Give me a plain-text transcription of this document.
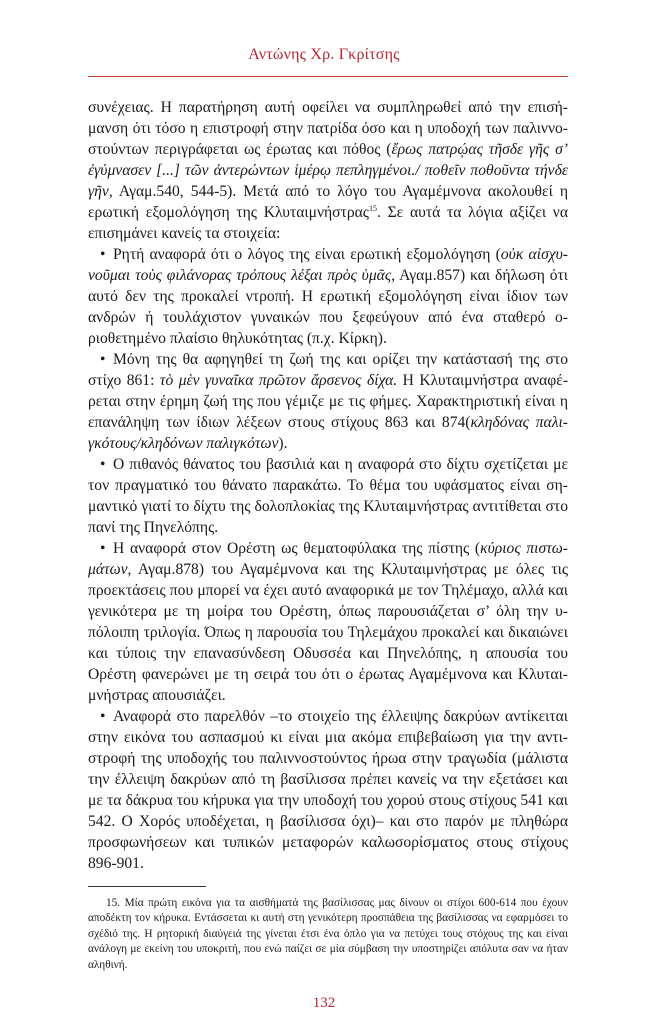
Αντώνης Χρ. Γκρίτσης

συνέχειας. Η παρατήρηση αυτή οφείλει να συμπληρωθεί από την επισήμανση ότι τόσο η επιστροφή στην πατρίδα όσο και η υποδοχή των παλιννοστούντων περιγράφεται ως έρωτας και πόθος (ἔρως πατρῴας τῆσδε γῆς σ’ ἐγύμνασεν [...] τῶν ἀντερώντων ἱμέρῳ πεπληγμένοι./ ποθεῖν ποθοῦντα τήνδε γῆν, Αγαμ.540, 544-5). Μετά από το λόγο του Αγαμέμνονα ακολουθεί η ερωτική εξομολόγηση της Κλυταιμνήστρας$^{15}$. Σε αυτά τα λόγια αξίζει να επισημάνει κανείς τα στοιχεία:

• Ρητή αναφορά ότι ο λόγος της είναι ερωτική εξομολόγηση (οὐκ αἰσχυνοῦμαι τοὺς φιλάνορας τρόπους λέξαι πρὸς ὑμᾶς, Αγαμ.857) και δήλωση ότι αυτό δεν της προκαλεί ντροπή. Η ερωτική εξομολόγηση είναι ίδιον των ανδρών ή τουλάχιστον γυναικών που ξεφεύγουν από ένα σταθερό οριοθετημένο πλαίσιο θηλυκότητας (π.χ. Κίρκη).

• Μόνη της θα αφηγηθεί τη ζωή της και ορίζει την κατάστασή της στο στίχο 861: τὸ μὲν γυναῖκα πρῶτον ἄρσενος δίχα. Η Κλυταιμνήστρα αναφέρεται στην έρημη ζωή της που γέμιζε με τις φήμες. Χαρακτηριστική είναι η επανάληψη των ίδιων λέξεων στους στίχους 863 και 874(κληδόνας παλιγκότους/κληδόνων παλιγκότων).

• Ο πιθανός θάνατος του βασιλιά και η αναφορά στο δίχτυ σχετίζεται με τον πραγματικό του θάνατο παρακάτω. Το θέμα του υφάσματος είναι σημαντικό γιατί το δίχτυ της δολοπλοκίας της Κλυταιμνήστρας αντιτίθεται στο πανί της Πηνελόπης.

• Η αναφορά στον Ορέστη ως θεματοφύλακα της πίστης (κύριος πιστωμάτων, Αγαμ.878) του Αγαμέμνονα και της Κλυταιμνήστρας με όλες τις προεκτάσεις που μπορεί να έχει αυτό αναφορικά με τον Τηλέμαχο, αλλά και γενικότερα με τη μοίρα του Ορέστη, όπως παρουσιάζεται σ’ όλη την υπόλοιπη τριλογία. Όπως η παρουσία του Τηλεμάχου προκαλεί και δικαιώνει και τύποις την επανασύνδεση Οδυσσέα και Πηνελόπης, η απουσία του Ορέστη φανερώνει με τη σειρά του ότι ο έρωτας Αγαμέμνονα και Κλυταιμνήστρας απουσιάζει.

• Αναφορά στο παρελθόν –το στοιχείο της έλλειψης δακρύων αντίκειται στην εικόνα του ασπασμού κι είναι μια ακόμα επιβεβαίωση για την αντιστροφή της υποδοχής του παλιννοστούντος ήρωα στην τραγωδία (μάλιστα την έλλειψη δακρύων από τη βασίλισσα πρέπει κανείς να την εξετάσει και με τα δάκρυα του κήρυκα για την υποδοχή του χορού στους στίχους 541 και 542. Ο Χορός υποδέχεται, η βασίλισσα όχι)– και στο παρόν με πληθώρα προσφωνήσεων και τυπικών μεταφορών καλωσορίσματος στους στίχους 896-901.

15. Μία πρώτη εικόνα για τα αισθήματά της βασίλισσας μας δίνουν οι στίχοι 600-614 που έχουν αποδέκτη τον κήρυκα. Εντάσσεται κι αυτή στη γενικότερη προσπάθεια της βασίλισσας να εφαρμόσει το σχέδιό της. Η ρητορική διαύγειά της γίνεται έτσι ένα όπλο για να πετύχει τους στόχους της και είναι ανάλογη με εκείνη του υποκριτή, που ενώ παίζει σε μία σύμβαση την υποστηρίζει απόλυτα σαν να ήταν αληθινή.
132
